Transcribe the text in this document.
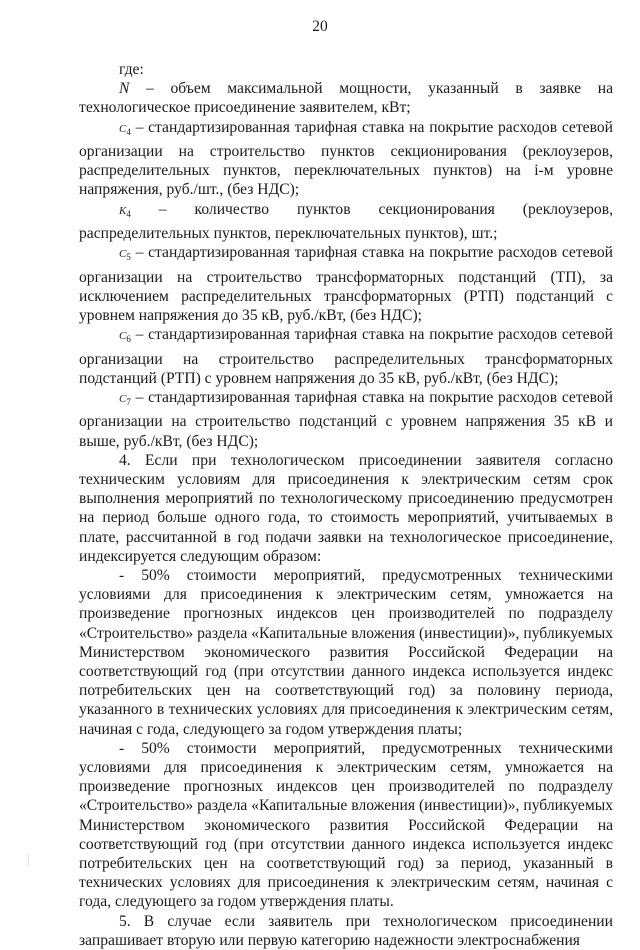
20

где:

N – объем максимальной мощности, указанный в заявке на технологическое присоединение заявителем, кВт;

$C_4$ – стандартизированная тарифная ставка на покрытие расходов сетевой организации на строительство пунктов секционирования (реклоузеров, распределительных пунктов, переключательных пунктов) на i-м уровне напряжения, руб./шт., (без НДС);

$K_4$ – количество пунктов секционирования (реклоузеров, распределительных пунктов, переключательных пунктов), шт.;

$C_5$ – стандартизированная тарифная ставка на покрытие расходов сетевой организации на строительство трансформаторных подстанций (ТП), за исключением распределительных трансформаторных (РТП) подстанций с уровнем напряжения до 35 кВ, руб./кВт, (без НДС);

$C_6$ – стандартизированная тарифная ставка на покрытие расходов сетевой организации на строительство распределительных трансформаторных подстанций (РТП) с уровнем напряжения до 35 кВ, руб./кВт, (без НДС);

$C_7$ – стандартизированная тарифная ставка на покрытие расходов сетевой организации на строительство подстанций с уровнем напряжения 35 кВ и выше, руб./кВт, (без НДС);

4. Если при технологическом присоединении заявителя согласно техническим условиям для присоединения к электрическим сетям срок выполнения мероприятий по технологическому присоединению предусмотрен на период больше одного года, то стоимость мероприятий, учитываемых в плате, рассчитанной в год подачи заявки на технологическое присоединение, индексируется следующим образом:

- 50% стоимости мероприятий, предусмотренных техническими условиями для присоединения к электрическим сетям, умножается на произведение прогнозных индексов цен производителей по подразделу «Строительство» раздела «Капитальные вложения (инвестиции)», публикуемых Министерством экономического развития Российской Федерации на соответствующий год (при отсутствии данного индекса используется индекс потребительских цен на соответствующий год) за половину периода, указанного в технических условиях для присоединения к электрическим сетям, начиная с года, следующего за годом утверждения платы;

- 50% стоимости мероприятий, предусмотренных техническими условиями для присоединения к электрическим сетям, умножается на произведение прогнозных индексов цен производителей по подразделу «Строительство» раздела «Капитальные вложения (инвестиции)», публикуемых Министерством экономического развития Российской Федерации на соответствующий год (при отсутствии данного индекса используется индекс потребительских цен на соответствующий год) за период, указанный в технических условиях для присоединения к электрическим сетям, начиная с года, следующего за годом утверждения платы.

5. В случае если заявитель при технологическом присоединении запрашивает вторую или первую категорию надежности электроснабжения
